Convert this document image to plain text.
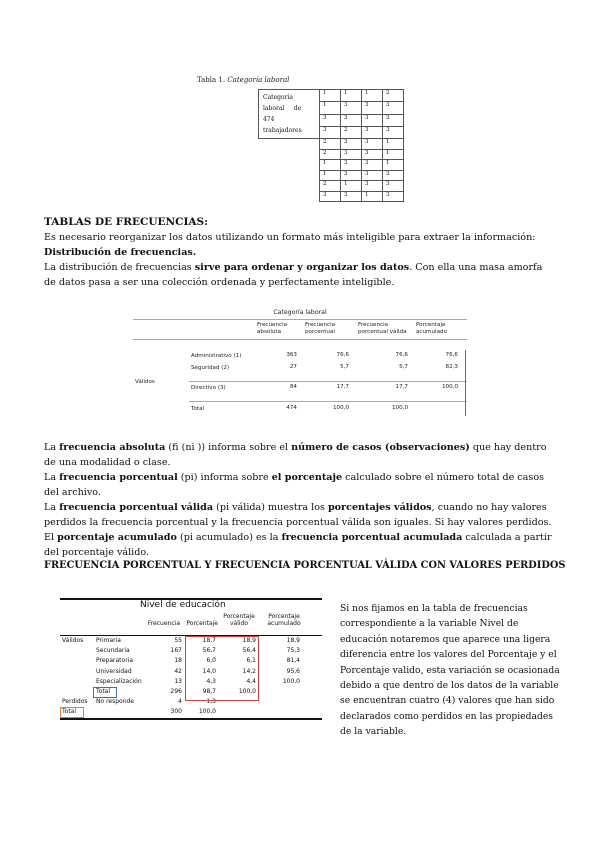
Tabla 1. Categoría laboral
Categoría
laboral     de
474
trabajadores	1	1	1	2
	1	3	3	3
	3	3	3	3
	3	2	3	3
	2	3	3	1
	2	3	3	1
	1	3	3	1
	1	3	3	3
	2	1	3	3
	3	3	1	3
TABLAS DE FRECUENCIAS:
Es necesario reorganizar los datos utilizando un formato más inteligible para extraer la información: Distribución de frecuencias.
La distribución de frecuencias sirve para ordenar y organizar los datos. Con ella una masa amorfa de datos pasa a ser una colección ordenada y perfectamente inteligible.
Categoría laboral
Frecuencia absoluta
Frecuencia porcentual
Frecuencia porcentual válida
Porcentaje acumulado
Válidos
Administrativo (1)	363	76,6	76,6	76,6
Seguridad (2)	27	5,7	5,7	82,3
Directivo (3)	84	17,7	17,7	100,0
Total	474	100,0	100,0
La frecuencia absoluta (fi (ni )) informa sobre el número de casos (observaciones) que hay dentro de una modalidad o clase.
La frecuencia porcentual (pi) informa sobre el porcentaje calculado sobre el número total de casos del archivo.
La frecuencia porcentual válida (pi válida) muestra los porcentajes válidos, cuando no hay valores perdidos la frecuencia porcentual y la frecuencia porcentual válida son iguales. Si hay valores perdidos.
El porcentaje acumulado (pi acumulado) es la frecuencia porcentual acumulada calculada a partir del porcentaje válido.
FRECUENCIA PORCENTUAL Y FRECUENCIA PORCENTUAL VÁLIDA CON VALORES PERDIDOS
Nivel de educación
Frecuencia	Porcentaje
Porcentaje válido
Porcentaje acumulado
Válidos Primaria	55	18,7	18,9	18,9
Secundaria	167	56,7	56,4	75,3
Preparatoria	18	6,0	6,1	81,4
Universidad	42	14,0	14,2	95,6
Especialización	13	4,3	4,4	100,0
Total	296	98,7	100,0
Perdidos No responde	4	1,3
Total	300	100,0
Si nos fijamos en la tabla de frecuencias correspondiente a la variable Nivel de educación notaremos que aparece una ligera diferencia entre los valores del Porcentaje y el Porcentaje valido, esta variación se ocasionada debido a que dentro de los datos de la variable se encuentran cuatro (4) valores que han sido declarados como perdidos en las propiedades de la variable.
